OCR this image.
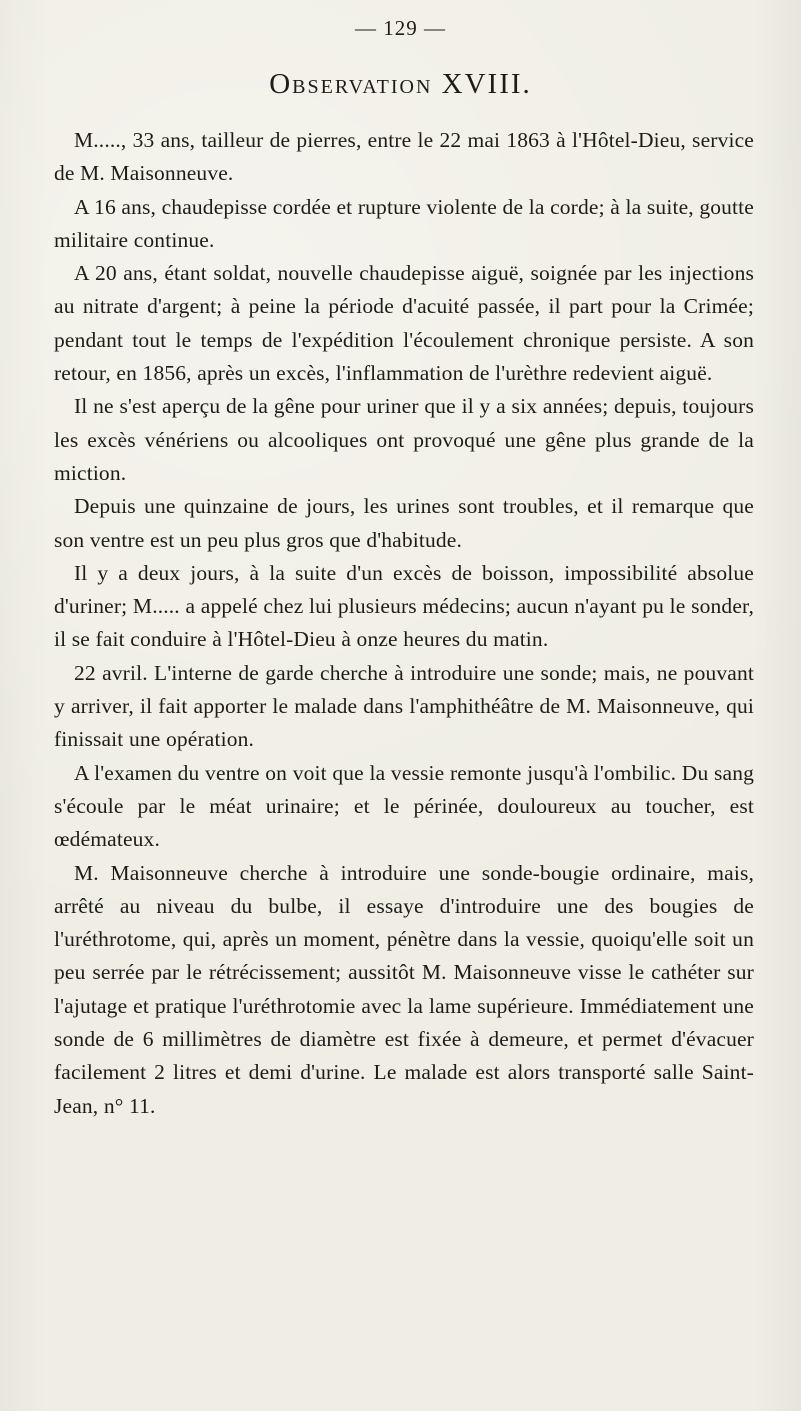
— 129 —
Observation XVIII.

M....., 33 ans, tailleur de pierres, entre le 22 mai 1863 à l'Hôtel-Dieu, service de M. Maisonneuve.

A 16 ans, chaudepisse cordée et rupture violente de la corde; à la suite, goutte militaire continue.

A 20 ans, étant soldat, nouvelle chaudepisse aiguë, soignée par les injections au nitrate d'argent; à peine la période d'acuité passée, il part pour la Crimée; pendant tout le temps de l'expédition l'écoulement chronique persiste. A son retour, en 1856, après un excès, l'inflammation de l'urèthre redevient aiguë.

Il ne s'est aperçu de la gêne pour uriner que il y a six années; depuis, toujours les excès vénériens ou alcooliques ont provoqué une gêne plus grande de la miction.

Depuis une quinzaine de jours, les urines sont troubles, et il remarque que son ventre est un peu plus gros que d'habitude.

Il y a deux jours, à la suite d'un excès de boisson, impossibilité absolue d'uriner; M..... a appelé chez lui plusieurs médecins; aucun n'ayant pu le sonder, il se fait conduire à l'Hôtel-Dieu à onze heures du matin.

22 avril. L'interne de garde cherche à introduire une sonde; mais, ne pouvant y arriver, il fait apporter le malade dans l'amphithéâtre de M. Maisonneuve, qui finissait une opération.

A l'examen du ventre on voit que la vessie remonte jusqu'à l'ombilic. Du sang s'écoule par le méat urinaire; et le périnée, douloureux au toucher, est œdémateux.

M. Maisonneuve cherche à introduire une sonde-bougie ordinaire, mais, arrêté au niveau du bulbe, il essaye d'introduire une des bougies de l'uréthrotome, qui, après un moment, pénètre dans la vessie, quoiqu'elle soit un peu serrée par le rétrécissement; aussitôt M. Maisonneuve visse le cathéter sur l'ajutage et pratique l'uréthrotomie avec la lame supérieure. Immédiatement une sonde de 6 millimètres de diamètre est fixée à demeure, et permet d'évacuer facilement 2 litres et demi d'urine. Le malade est alors transporté salle Saint-Jean, n° 11.
